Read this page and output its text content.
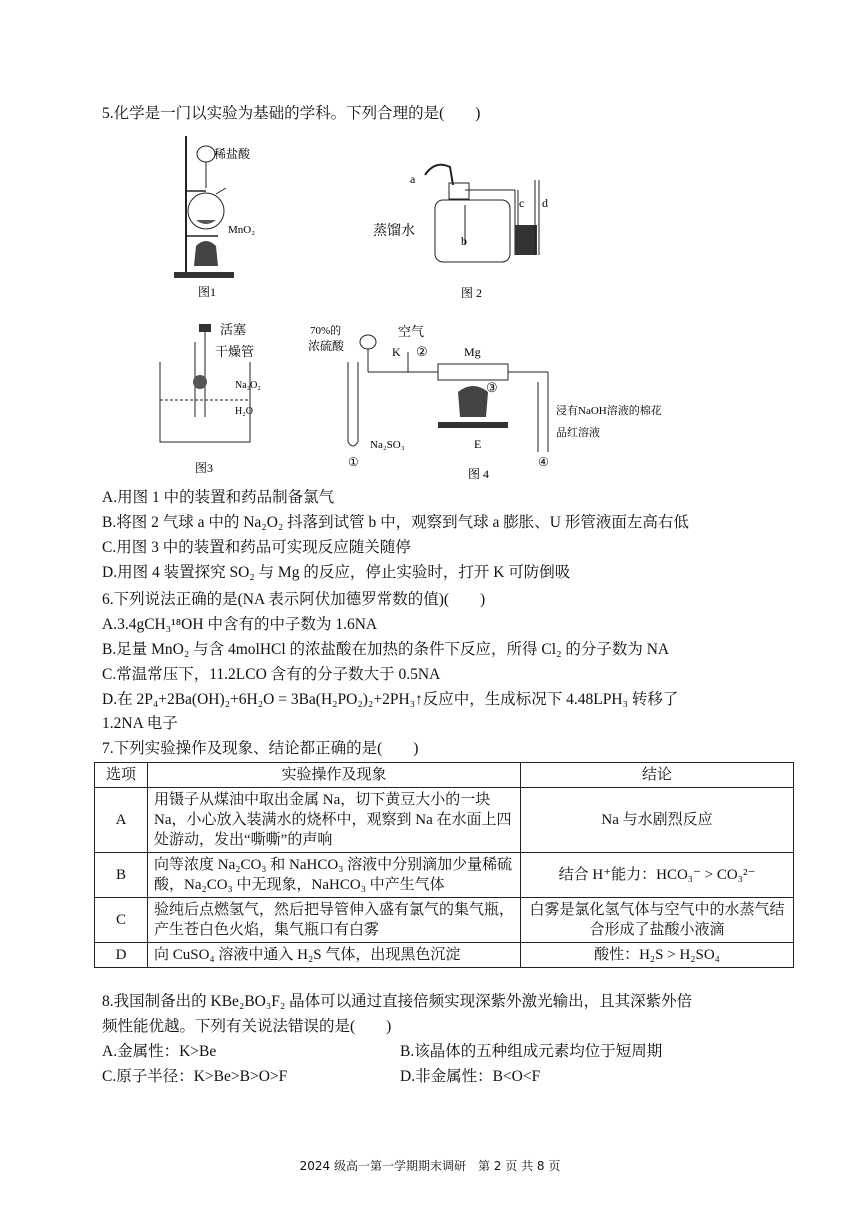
5.化学是一门以实验为基础的学科。下列合理的是(　　)
稀盐酸
MnO₂
图1
a
b
c d
蒸馏水
图 2
活塞
干燥管
Na₂O₂
H₂O
图3
70%的
浓硫酸
空气
K ②	Mg
③
E
浸有NaOH溶液的棉花
品红溶液
Na₂SO₃
①	④
图 4
A.用图 1 中的装置和药品制备氯气
B.将图 2 气球 a 中的 Na₂O₂ 抖落到试管 b 中，观察到气球 a 膨胀、U 形管液面左高右低
C.用图 3 中的装置和药品可实现反应随关随停
D.用图 4 装置探究 SO₂ 与 Mg 的反应，停止实验时，打开 K 可防倒吸
6.下列说法正确的是(NA 表示阿伏加德罗常数的值)(　　)
A.3.4gCH₃¹⁸OH 中含有的中子数为 1.6NA
B.足量 MnO₂ 与含 4molHCl 的浓盐酸在加热的条件下反应，所得 Cl₂ 的分子数为 NA
C.常温常压下，11.2LCO 含有的分子数大于 0.5NA
D.在 2P₄+2Ba(OH)₂+6H₂O = 3Ba(H₂PO₂)₂+2PH₃↑反应中，生成标况下 4.48LPH₃ 转移了
1.2NA 电子
7.下列实验操作及现象、结论都正确的是(　　)
选项	实验操作及现象	结论
A	用镊子从煤油中取出金属 Na，切下黄豆大小的一块 Na，小心放入装满水的烧杯中，观察到 Na 在水面上四处游动，发出“嘶嘶”的声响	Na 与水剧烈反应
B	向等浓度 Na₂CO₃ 和 NaHCO₃ 溶液中分别滴加少量稀硫酸，Na₂CO₃ 中无现象，NaHCO₃ 中产生气体	结合 H⁺能力：HCO₃⁻ > CO₃²⁻
C	验纯后点燃氢气，然后把导管伸入盛有氯气的集气瓶，产生苍白色火焰，集气瓶口有白雾	白雾是氯化氢气体与空气中的水蒸气结合形成了盐酸小液滴
D	向 CuSO₄ 溶液中通入 H₂S 气体，出现黑色沉淀	酸性：H₂S > H₂SO₄
8.我国制备出的 KBe₂BO₃F₂ 晶体可以通过直接倍频实现深紫外激光输出，且其深紫外倍
频性能优越。下列有关说法错误的是(　　)
A.金属性：K>Be	B.该晶体的五种组成元素均位于短周期
C.原子半径：K>Be>B>O>F	D.非金属性：B<O<F
2024 级高一第一学期期末调研　第 2 页 共 8 页
